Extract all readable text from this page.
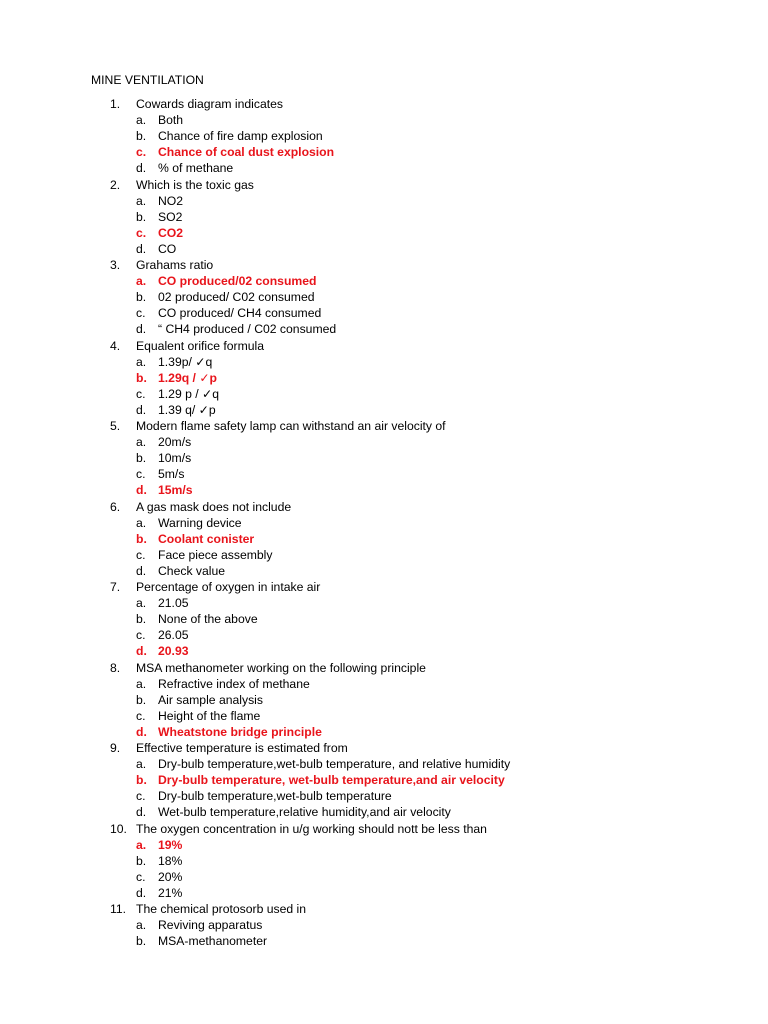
MINE VENTILATION
1. Cowards diagram indicates
a. Both
b. Chance of fire damp explosion
c. Chance of coal dust explosion
d. % of methane
2. Which is the toxic gas
a. NO2
b. SO2
c. CO2
d. CO
3. Grahams ratio
a. CO produced/02 consumed
b. 02 produced/ C02 consumed
c. CO produced/ CH4 consumed
d. “ CH4 produced / C02 consumed
4. Equalent orifice formula
a. 1.39p/ ✓q
b. 1.29q / ✓p
c. 1.29 p / ✓q
d. 1.39 q/ ✓p
5. Modern flame safety lamp can withstand an air velocity of
a. 20m/s
b. 10m/s
c. 5m/s
d. 15m/s
6. A gas mask does not include
a. Warning device
b. Coolant conister
c. Face piece assembly
d. Check value
7. Percentage of oxygen in intake air
a. 21.05
b. None of the above
c. 26.05
d. 20.93
8. MSA methanometer working on the following principle
a. Refractive index of methane
b. Air sample analysis
c. Height of the flame
d. Wheatstone bridge principle
9. Effective temperature is estimated from
a. Dry-bulb temperature,wet-bulb temperature, and relative humidity
b. Dry-bulb temperature, wet-bulb temperature,and air velocity
c. Dry-bulb temperature,wet-bulb temperature
d. Wet-bulb temperature,relative humidity,and air velocity
10. The oxygen concentration in u/g working should nott be less than
a. 19%
b. 18%
c. 20%
d. 21%
11. The chemical protosorb used in
a. Reviving apparatus
b. MSA-methanometer
